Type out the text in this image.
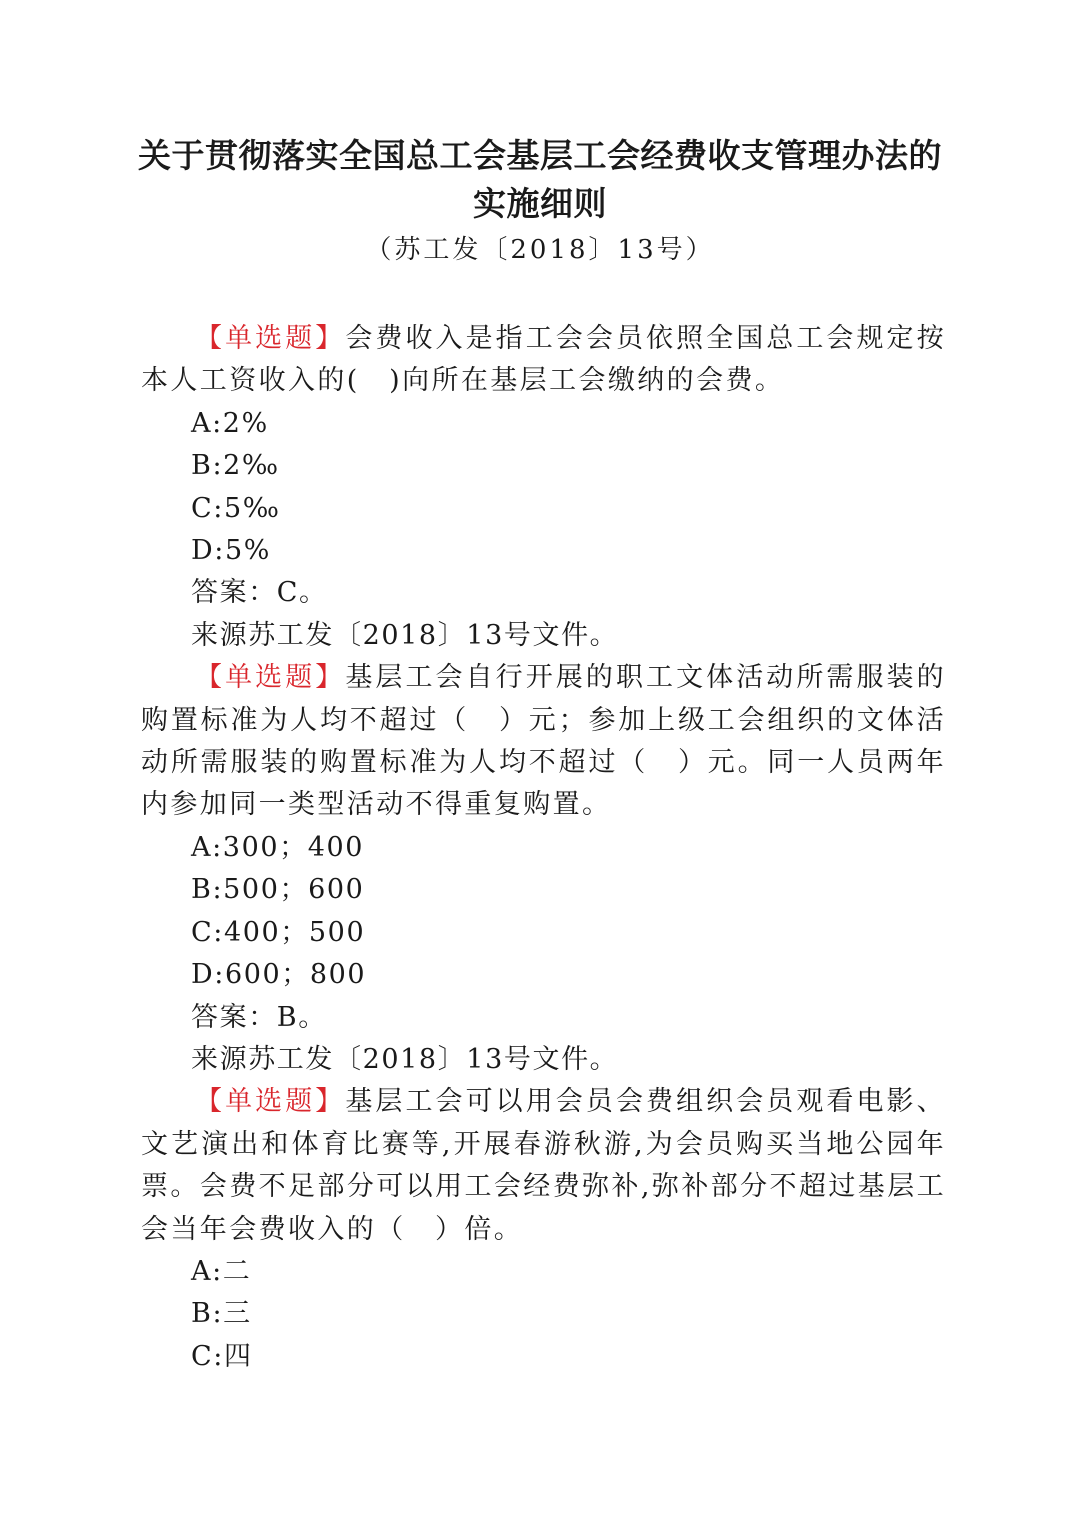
关于贯彻落实全国总工会基层工会经费收支管理办法的
实施细则
（苏工发〔2018〕13号）

【单选题】会费收入是指工会会员依照全国总工会规定按本人工资收入的(　)向所在基层工会缴纳的会费。

A:2%

B:2‰

C:5‰

D:5%

答案：C。

来源苏工发〔2018〕13号文件。

【单选题】基层工会自行开展的职工文体活动所需服装的购置标准为人均不超过（　）元；参加上级工会组织的文体活动所需服装的购置标准为人均不超过（　）元。同一人员两年内参加同一类型活动不得重复购置。

A:300；400

B:500；600

C:400；500

D:600；800

答案：B。

来源苏工发〔2018〕13号文件。

【单选题】基层工会可以用会员会费组织会员观看电影、文艺演出和体育比赛等,开展春游秋游,为会员购买当地公园年票。会费不足部分可以用工会经费弥补,弥补部分不超过基层工会当年会费收入的（　）倍。

A:二

B:三

C:四
